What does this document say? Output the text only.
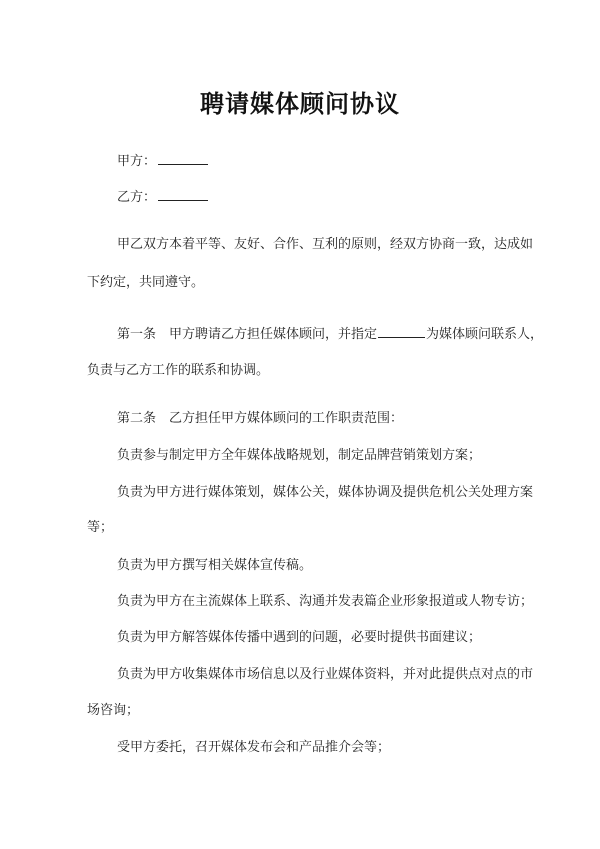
聘请媒体顾问协议
甲方：
乙方：
甲乙双方本着平等、友好、合作、互利的原则，经双方协商一致，达成如
下约定，共同遵守。
第一条　甲方聘请乙方担任媒体顾问，并指定	为媒体顾问联系人，
负责与乙方工作的联系和协调。
第二条　乙方担任甲方媒体顾问的工作职责范围：
负责参与制定甲方全年媒体战略规划，制定品牌营销策划方案；
负责为甲方进行媒体策划，媒体公关，媒体协调及提供危机公关处理方案
等；
负责为甲方撰写相关媒体宣传稿。
负责为甲方在主流媒体上联系、沟通并发表篇企业形象报道或人物专访；
负责为甲方解答媒体传播中遇到的问题，必要时提供书面建议；
负责为甲方收集媒体市场信息以及行业媒体资料，并对此提供点对点的市
场咨询；
受甲方委托，召开媒体发布会和产品推介会等；
